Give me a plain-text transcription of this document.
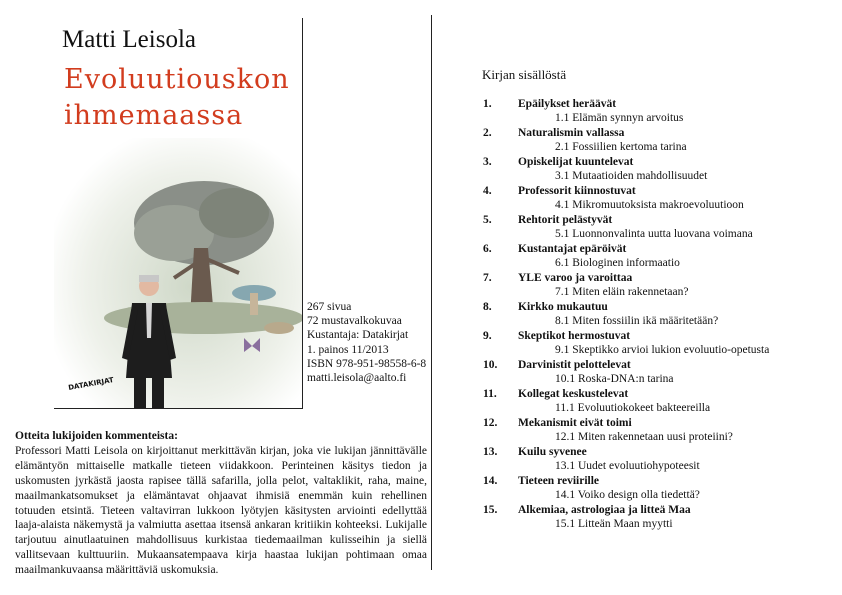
Matti Leisola
Evoluutiouskon
ihmemaassa
DATAKIRJAT
267 sivua
72 mustavalkokuvaa
Kustantaja: Datakirjat
1. painos 11/2013
ISBN 978-951-98558-6-8
matti.leisola@aalto.fi
Otteita lukijoiden kommenteista:
Professori Matti Leisola on kirjoittanut merkittävän kirjan, joka vie lukijan jännittävälle elämäntyön mittaiselle matkalle tieteen viidakkoon. Perinteinen käsitys tiedon ja uskomusten jyrkästä jaosta rapisee tällä safarilla, jolla pelot, valtaklikit, raha, maine, maailmankatsomukset ja elämäntavat ohjaavat ihmisiä enemmän kuin rehellinen totuuden etsintä. Tieteen valtavirran lukkoon lyötyjen käsitysten arviointi edellyttää laaja-alaista näkemystä ja valmiutta asettaa itsensä ankaran kritiikin kohteeksi. Lukijalle tarjoutuu ainutlaatuinen mahdollisuus kurkistaa tiedemaailman kulisseihin ja siellä vallitsevaan kulttuuriin. Mukaansatempaava kirja haastaa lukijan pohtimaan omaa maailmankuvaansa määrittäviä uskomuksia.
Kirjan sisällöstä
1. Epäilykset heräävät
1.1 Elämän synnyn arvoitus
2. Naturalismin vallassa
2.1 Fossiilien kertoma tarina
3. Opiskelijat kuuntelevat
3.1 Mutaatioiden mahdollisuudet
4. Professorit kiinnostuvat
4.1 Mikromuutoksista makroevoluutioon
5. Rehtorit pelästyvät
5.1 Luonnonvalinta uutta luovana voimana
6. Kustantajat epäröivät
6.1 Biologinen informaatio
7. YLE varoo ja varoittaa
7.1 Miten eläin rakennetaan?
8. Kirkko mukautuu
8.1 Miten fossiilin ikä määritetään?
9. Skeptikot hermostuvat
9.1 Skeptikko arvioi lukion evoluutio-opetusta
10. Darvinistit pelottelevat
10.1 Roska-DNA:n tarina
11. Kollegat keskustelevat
11.1 Evoluutiokokeet bakteereilla
12. Mekanismit eivät toimi
12.1 Miten rakennetaan uusi proteiini?
13. Kuilu syvenee
13.1 Uudet evoluutiohypoteesit
14. Tieteen reviirille
14.1 Voiko design olla tiedettä?
15. Alkemiaa, astrologiaa ja litteä Maa
15.1 Litteän Maan myytti
